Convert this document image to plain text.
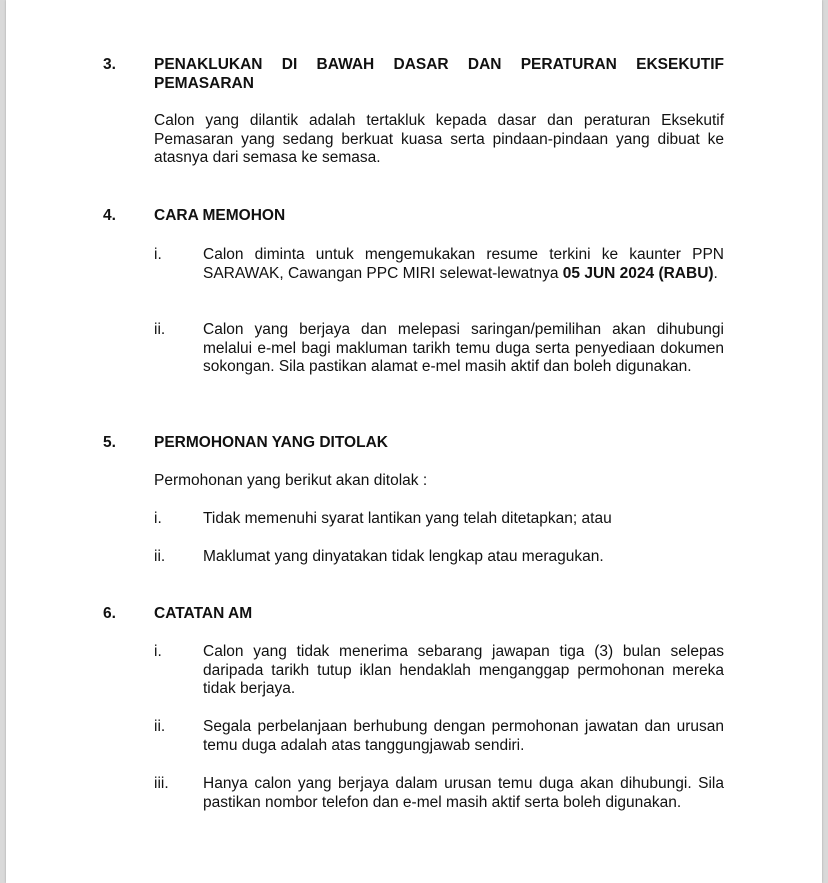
3. PENAKLUKAN DI BAWAH DASAR DAN PERATURAN EKSEKUTIF
PEMASARAN
Calon yang dilantik adalah tertakluk kepada dasar dan peraturan Eksekutif Pemasaran yang sedang berkuat kuasa serta pindaan-pindaan yang dibuat ke atasnya dari semasa ke semasa.
4. CARA MEMOHON
i.	Calon diminta untuk mengemukakan resume terkini ke kaunter PPN SARAWAK, Cawangan PPC MIRI selewat-lewatnya 05 JUN 2024 (RABU).
ii. Calon yang berjaya dan melepasi saringan/pemilihan akan dihubungi melalui e-mel bagi makluman tarikh temu duga serta penyediaan dokumen sokongan. Sila pastikan alamat e-mel masih aktif dan boleh digunakan.
5. PERMOHONAN YANG DITOLAK
Permohonan yang berikut akan ditolak :
i.	Tidak memenuhi syarat lantikan yang telah ditetapkan; atau
ii. Maklumat yang dinyatakan tidak lengkap atau meragukan.
6. CATATAN AM
i.	Calon yang tidak menerima sebarang jawapan tiga (3) bulan selepas daripada tarikh tutup iklan hendaklah menganggap permohonan mereka tidak berjaya.
ii. Segala perbelanjaan berhubung dengan permohonan jawatan dan urusan temu duga adalah atas tanggungjawab sendiri.
iii. Hanya calon yang berjaya dalam urusan temu duga akan dihubungi. Sila pastikan nombor telefon dan e-mel masih aktif serta boleh digunakan.
